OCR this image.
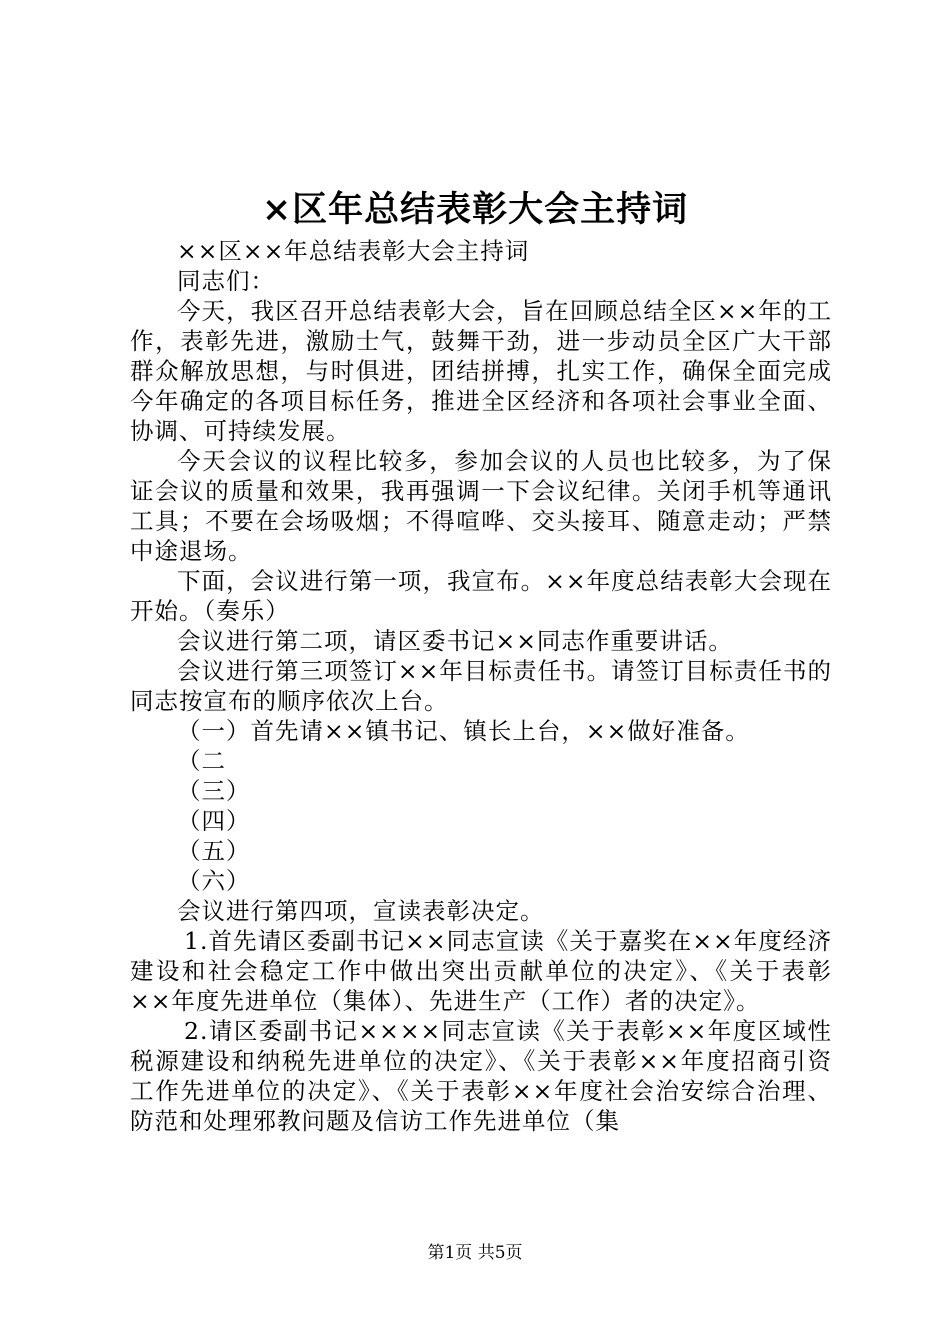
×区年总结表彰大会主持词

××区××年总结表彰大会主持词

同志们：

今天，我区召开总结表彰大会，旨在回顾总结全区××年的工作，表彰先进，激励士气，鼓舞干劲，进一步动员全区广大干部群众解放思想，与时俱进，团结拼搏，扎实工作，确保全面完成今年确定的各项目标任务，推进全区经济和各项社会事业全面、协调、可持续发展。

今天会议的议程比较多，参加会议的人员也比较多，为了保证会议的质量和效果，我再强调一下会议纪律。关闭手机等通讯工具；不要在会场吸烟；不得喧哗、交头接耳、随意走动；严禁中途退场。

下面，会议进行第一项，我宣布。××年度总结表彰大会现在开始。（奏乐）

会议进行第二项，请区委书记××同志作重要讲话。

会议进行第三项签订××年目标责任书。请签订目标责任书的同志按宣布的顺序依次上台。

（一）首先请××镇书记、镇长上台，××做好准备。

（二

（三）

（四）

（五）

（六）

会议进行第四项，宣读表彰决定。

1.首先请区委副书记××同志宣读《关于嘉奖在××年度经济建设和社会稳定工作中做出突出贡献单位的决定》、《关于表彰××年度先进单位（集体）、先进生产（工作）者的决定》。

2.请区委副书记××××同志宣读《关于表彰××年度区域性税源建设和纳税先进单位的决定》、《关于表彰××年度招商引资工作先进单位的决定》、《关于表彰××年度社会治安综合治理、防范和处理邪教问题及信访工作先进单位（集

第1页 共5页
